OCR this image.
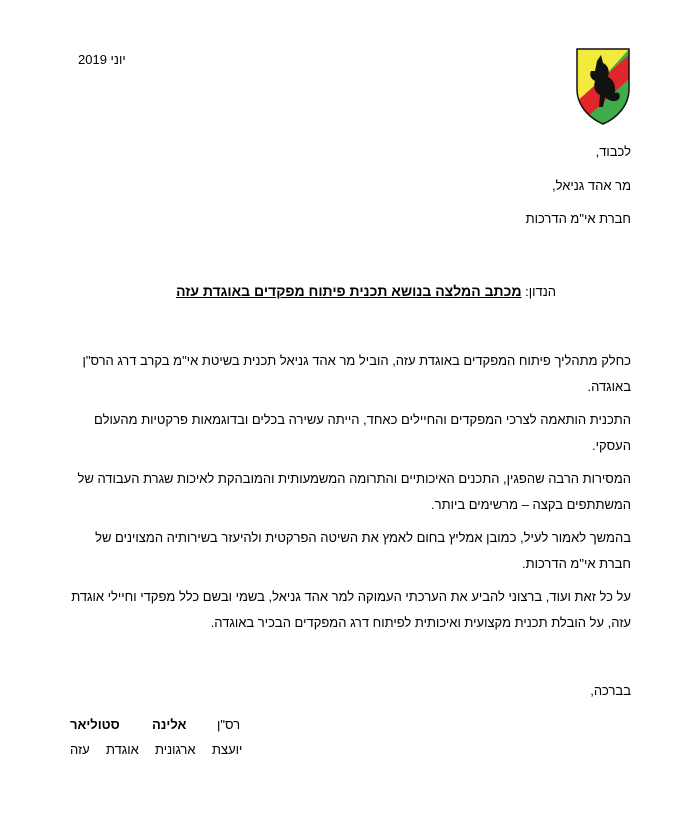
יוני 2019
לכבוד,
מר אהד גניאל,
חברת אי"מ הדרכות
הנדון: מכתב המלצה בנושא תכנית פיתוח מפקדים באוגדת עזה

כחלק מתהליך פיתוח המפקדים באוגדת עזה, הוביל מר אהד גניאל תכנית בשיטת אי"מ בקרב דרג הרס"ן באוגדה.

התכנית הותאמה לצרכי המפקדים והחיילים כאחד, הייתה עשירה בכלים ובדוגמאות פרקטיות מהעולם העסקי.

המסירות הרבה שהפגין, התכנים האיכותיים והתרומה המשמעותית והמובהקת לאיכות שגרת העבודה של המשתתפים בקצה – מרשימים ביותר.

בהמשך לאמור לעיל, כמובן אמליץ בחום לאמץ את השיטה הפרקטית ולהיעזר בשירותיה המצוינים של חברת אי"מ הדרכות.

על כל זאת ועוד, ברצוני להביע את הערכתי העמוקה למר אהד גניאל, בשמי ובשם כלל מפקדי וחיילי אוגדת עזה, על הובלת תכנית מקצועית ואיכותית לפיתוח דרג המפקדים הבכיר באוגדה.

בברכה,
רס"ן
אלינה
סטוליאר
יועצת
ארגונית
אוגדת
עזה
